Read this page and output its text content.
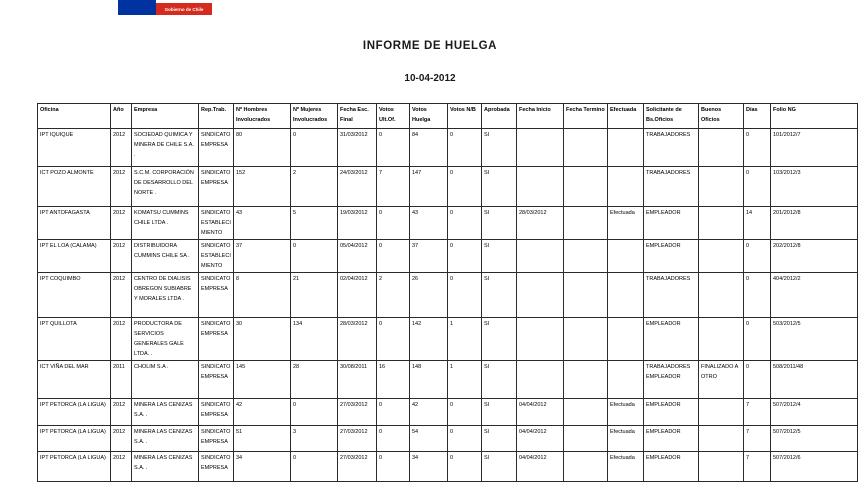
Gobierno de Chile
INFORME DE HUELGA
10-04-2012
Oficina	Año	Empresa	Rep.Trab.	Nº Hombres Involucrados	Nº Mujeres Involucrados	Fecha Esc. Final	Votos Ult.Of.	Votos Huelga	Votos N/B	Aprobada	Fecha Inicio	Fecha Termino	Efectuada	Solicitante de Bs.Oficios	Buenos Oficios	Días	Folio NG
IPT IQUIQUE	2012	SOCIEDAD QUIMICA Y MINERA DE CHILE S.A. .	SINDICATO EMPRESA	80	0	31/03/2012	0	84	0	SI				TRABAJADORES		0	101/2012/7
ICT POZO ALMONTE	2012	S.C.M. CORPORACIÓN DE DESARROLLO DEL NORTE .	SINDICATO EMPRESA	152	2	24/03/2012	7	147	0	SI				TRABAJADORES		0	103/2012/3
IPT ANTOFAGASTA	2012	KOMATSU CUMMINS CHILE LTDA .	SINDICATO ESTABLECIMIENTO	43	5	19/03/2012	0	43	0	SI	28/03/2012		Efectuada	EMPLEADOR		14	201/2012/8
IPT EL LOA (CALAMA)	2012	DISTRIBUIDORA CUMMINS CHILE SA .	SINDICATO ESTABLECIMIENTO	37	0	05/04/2012	0	37	0	SI				EMPLEADOR		0	202/2012/8
IPT COQUIMBO	2012	CENTRO DE DIALISIS OBREGON SUBIABRE Y MORALES LTDA .	SINDICATO EMPRESA	8	21	02/04/2012	2	26	0	SI				TRABAJADORES		0	404/2012/2
IPT QUILLOTA	2012	PRODUCTORA DE SERVICIOS GENERALES GALE LTDA. .	SINDICATO EMPRESA	30	134	28/03/2012	0	142	1	SI				EMPLEADOR		0	503/2012/5
ICT VIÑA DEL MAR	2011	CHOLIM S.A .	SINDICATO EMPRESA	145	28	30/08/2011	16	148	1	SI				TRABAJADORES EMPLEADOR	FINALIZADO A OTRO	0	508/2011/48
IPT PETORCA (LA LIGUA)	2012	MINERA LAS CENIZAS S.A. .	SINDICATO EMPRESA	42	0	27/03/2012	0	42	0	SI	04/04/2012		Efectuada	EMPLEADOR		7	507/2012/4
IPT PETORCA (LA LIGUA)	2012	MINERA LAS CENIZAS S.A. .	SINDICATO EMPRESA	51	3	27/03/2012	0	54	0	SI	04/04/2012		Efectuada	EMPLEADOR		7	507/2012/5
IPT PETORCA (LA LIGUA)	2012	MINERA LAS CENIZAS S.A. .	SINDICATO EMPRESA	34	0	27/03/2012	0	34	0	SI	04/04/2012		Efectuada	EMPLEADOR		7	507/2012/6
